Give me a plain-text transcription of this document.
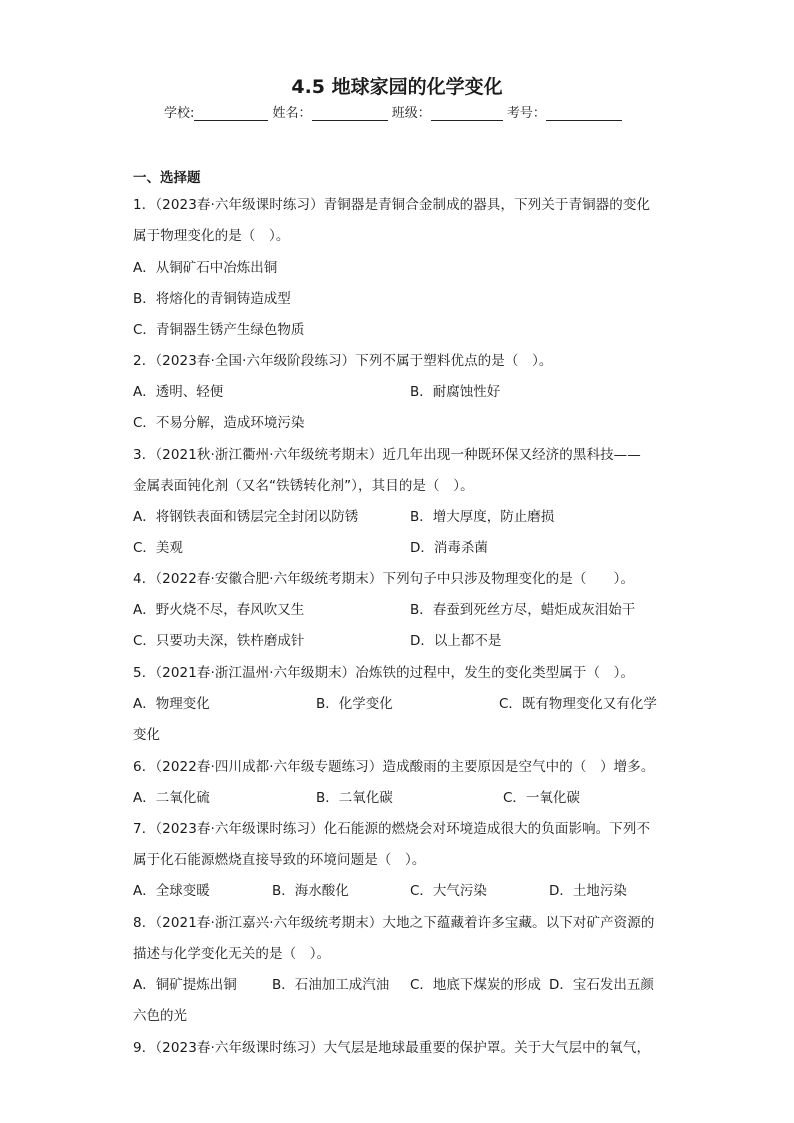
4.5 地球家园的化学变化
学校:	姓名：	班级：	考号：
一、选择题
1．（2023春·六年级课时练习）青铜器是青铜合金制成的器具，下列关于青铜器的变化
属于物理变化的是（　）。
A．从铜矿石中冶炼出铜
B．将熔化的青铜铸造成型
C．青铜器生锈产生绿色物质
2．（2023春·全国·六年级阶段练习）下列不属于塑料优点的是（　）。
A．透明、轻便	B．耐腐蚀性好
C．不易分解，造成环境污染
3．（2021秋·浙江衢州·六年级统考期末）近几年出现一种既环保又经济的黑科技——
金属表面钝化剂（又名“铁锈转化剂”），其目的是（　）。
A．将钢铁表面和锈层完全封闭以防锈	B．增大厚度，防止磨损
C．美观	D．消毒杀菌
4．（2022春·安徽合肥·六年级统考期末）下列句子中只涉及物理变化的是（　　）。
A．野火烧不尽，春风吹又生	B．春蚕到死丝方尽，蜡炬成灰泪始干
C．只要功夫深，铁杵磨成针	D．以上都不是
5．（2021春·浙江温州·六年级期末）冶炼铁的过程中，发生的变化类型属于（　）。
A．物理变化	B．化学变化	C．既有物理变化又有化学
变化
6．（2022春·四川成都·六年级专题练习）造成酸雨的主要原因是空气中的（　）增多。
A．二氧化硫	B．二氧化碳	C．一氧化碳
7．（2023春·六年级课时练习）化石能源的燃烧会对环境造成很大的负面影响。下列不
属于化石能源燃烧直接导致的环境问题是（　）。
A．全球变暖	B．海水酸化	C．大气污染	D．土地污染
8．（2021春·浙江嘉兴·六年级统考期末）大地之下蕴藏着许多宝藏。以下对矿产资源的
描述与化学变化无关的是（　）。
A．铜矿提炼出铜	B．石油加工成汽油 C．地底下煤炭的形成 D．宝石发出五颜
六色的光
9．（2023春·六年级课时练习）大气层是地球最重要的保护罩。关于大气层中的氧气，
